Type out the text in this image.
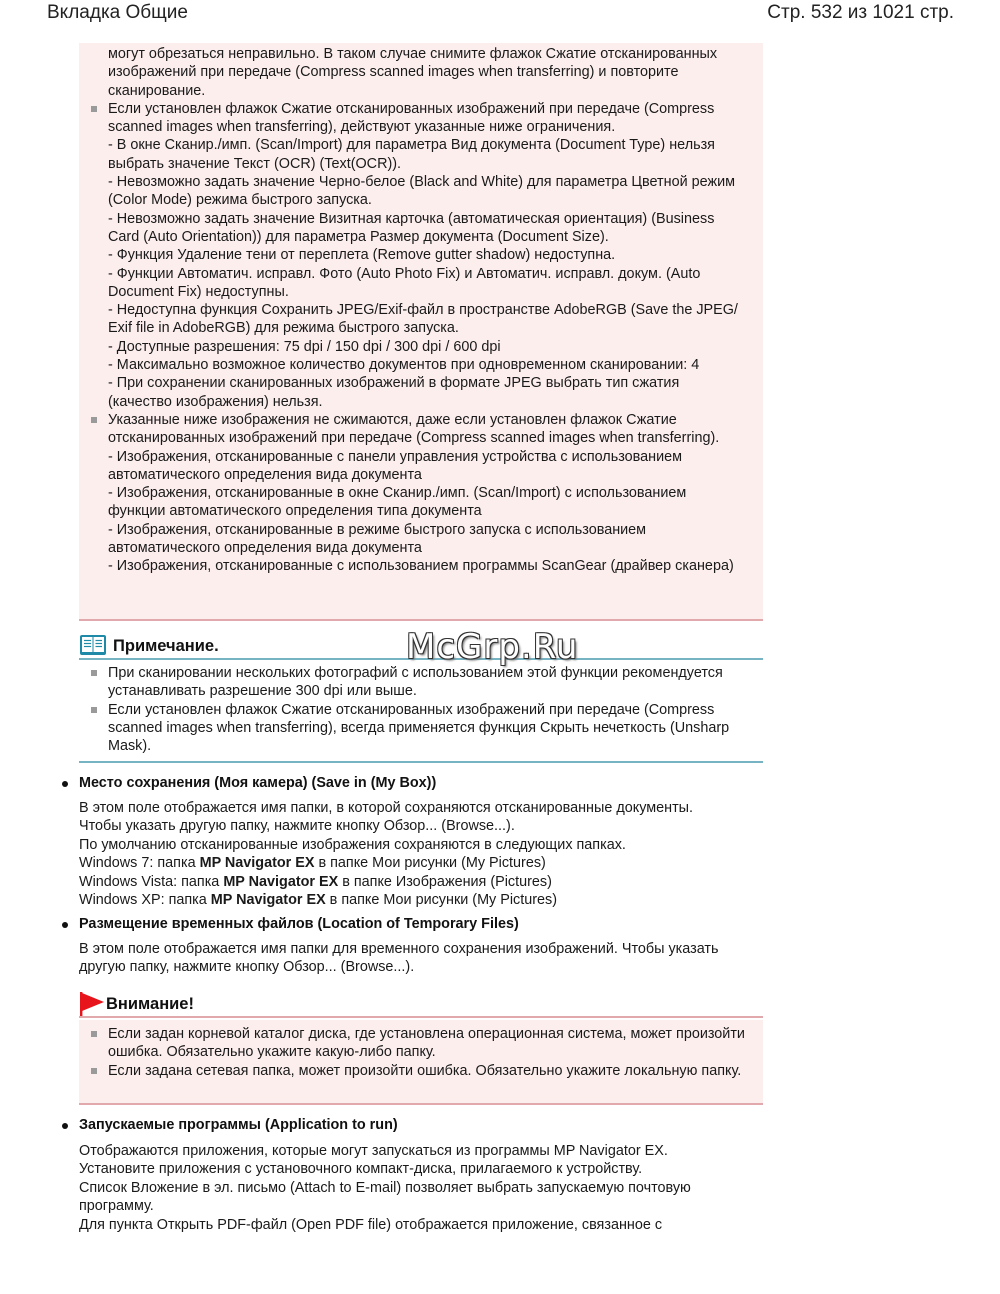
Вкладка Общие	Стр. 532 из 1021 стр.
могут обрезаться неправильно. В таком случае снимите флажок Сжатие отсканированных изображений при передаче (Compress scanned images when transferring) и повторите сканирование.
Если установлен флажок Сжатие отсканированных изображений при передаче (Compress scanned images when transferring), действуют указанные ниже ограничения.
- В окне Сканир./имп. (Scan/Import) для параметра Вид документа (Document Type) нельзя выбрать значение Текст (OCR) (Text(OCR)).
- Невозможно задать значение Черно-белое (Black and White) для параметра Цветной режим (Color Mode) режима быстрого запуска.
- Невозможно задать значение Визитная карточка (автоматическая ориентация) (Business Card (Auto Orientation)) для параметра Размер документа (Document Size).
- Функция Удаление тени от переплета (Remove gutter shadow) недоступна.
- Функции Автоматич. исправл. Фото (Auto Photo Fix) и Автоматич. исправл. докум. (Auto Document Fix) недоступны.
- Недоступна функция Сохранить JPEG/Exif-файл в пространстве AdobeRGB (Save the JPEG/ Exif file in AdobeRGB) для режима быстрого запуска.
- Доступные разрешения: 75 dpi / 150 dpi / 300 dpi / 600 dpi
- Максимально возможное количество документов при одновременном сканировании: 4
- При сохранении сканированных изображений в формате JPEG выбрать тип сжатия (качество изображения) нельзя.
Указанные ниже изображения не сжимаются, даже если установлен флажок Сжатие отсканированных изображений при передаче (Compress scanned images when transferring).
- Изображения, отсканированные с панели управления устройства с использованием автоматического определения вида документа
- Изображения, отсканированные в окне Сканир./имп. (Scan/Import) с использованием функции автоматического определения типа документа
- Изображения, отсканированные в режиме быстрого запуска с использованием автоматического определения вида документа
- Изображения, отсканированные с использованием программы ScanGear (драйвер сканера)
Примечание.	McGrp.Ru
При сканировании нескольких фотографий с использованием этой функции рекомендуется устанавливать разрешение 300 dpi или выше.
Если установлен флажок Сжатие отсканированных изображений при передаче (Compress scanned images when transferring), всегда применяется функция Скрыть нечеткость (Unsharp Mask).
Место сохранения (Моя камера) (Save in (My Box))
В этом поле отображается имя папки, в которой сохраняются отсканированные документы.
Чтобы указать другую папку, нажмите кнопку Обзор... (Browse...).
По умолчанию отсканированные изображения сохраняются в следующих папках.
Windows 7: папка MP Navigator EX в папке Мои рисунки (My Pictures)
Windows Vista: папка MP Navigator EX в папке Изображения (Pictures)
Windows XP: папка MP Navigator EX в папке Мои рисунки (My Pictures)
Размещение временных файлов (Location of Temporary Files)
В этом поле отображается имя папки для временного сохранения изображений. Чтобы указать
другую папку, нажмите кнопку Обзор... (Browse...).
Внимание!
Если задан корневой каталог диска, где установлена операционная система, может произойти ошибка. Обязательно укажите какую-либо папку.
Если задана сетевая папка, может произойти ошибка. Обязательно укажите локальную папку.
Запускаемые программы (Application to run)
Отображаются приложения, которые могут запускаться из программы MP Navigator EX.
Установите приложения с установочного компакт-диска, прилагаемого к устройству.
Список Вложение в эл. письмо (Attach to E-mail) позволяет выбрать запускаемую почтовую
программу.
Для пункта Открыть PDF-файл (Open PDF file) отображается приложение, связанное с
